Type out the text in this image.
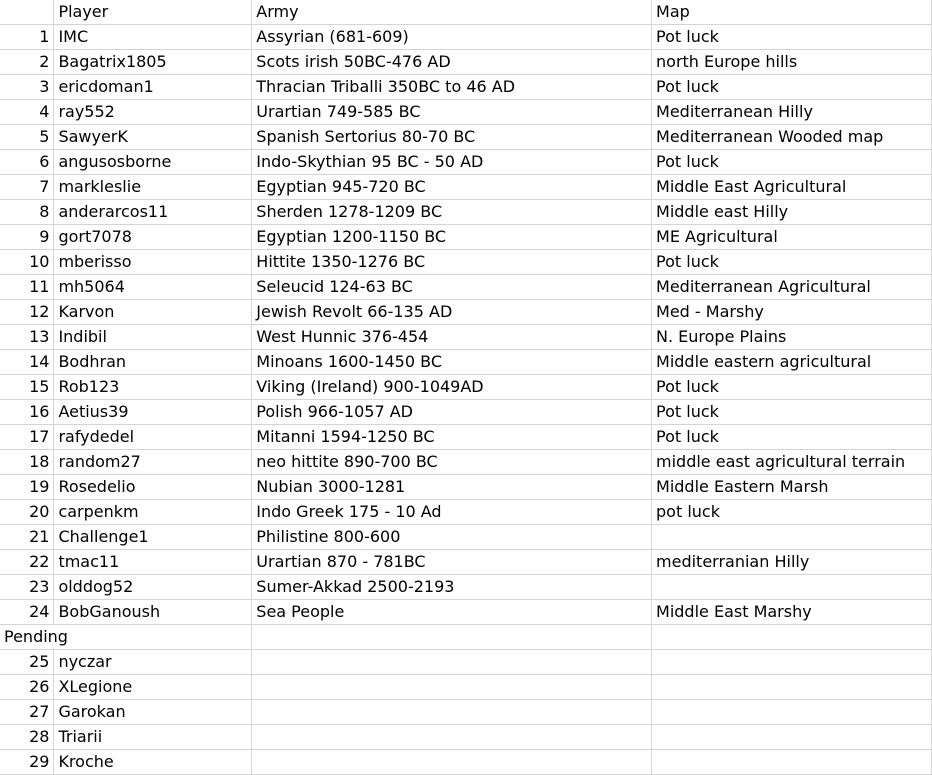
	Player	Army	Map
1	IMC	Assyrian (681-609)	Pot luck
2	Bagatrix1805	Scots irish 50BC-476 AD	north Europe hills
3	ericdoman1	Thracian Triballi 350BC to 46 AD	Pot luck
4	ray552	Urartian 749-585 BC	Mediterranean Hilly
5	SawyerK	Spanish Sertorius 80-70 BC	Mediterranean Wooded map
6	angusosborne	Indo-Skythian 95 BC - 50 AD	Pot luck
7	markleslie	Egyptian 945-720 BC	Middle East Agricultural
8	anderarcos11	Sherden 1278-1209 BC	Middle east Hilly
9	gort7078	Egyptian 1200-1150 BC	ME Agricultural
10	mberisso	Hittite 1350-1276 BC	Pot luck
11	mh5064	Seleucid 124-63 BC	Mediterranean Agricultural
12	Karvon	Jewish Revolt 66-135 AD	Med - Marshy
13	Indibil	West Hunnic 376-454	N. Europe Plains
14	Bodhran	Minoans 1600-1450 BC	Middle eastern agricultural
15	Rob123	Viking (Ireland) 900-1049AD	Pot luck
16	Aetius39	Polish 966-1057 AD	Pot luck
17	rafydedel	Mitanni 1594-1250 BC	Pot luck
18	random27	neo hittite 890-700 BC	middle east agricultural terrain
19	Rosedelio	Nubian 3000-1281	Middle Eastern Marsh
20	carpenkm	Indo Greek 175 - 10 Ad	pot luck
21	Challenge1	Philistine 800-600	
22	tmac11	Urartian 870 - 781BC	mediterranian Hilly
23	olddog52	Sumer-Akkad 2500-2193	
24	BobGanoush	Sea People	Middle East Marshy
Pending			
25	nyczar		
26	XLegione		
27	Garokan		
28	Triarii		
29	Kroche		
